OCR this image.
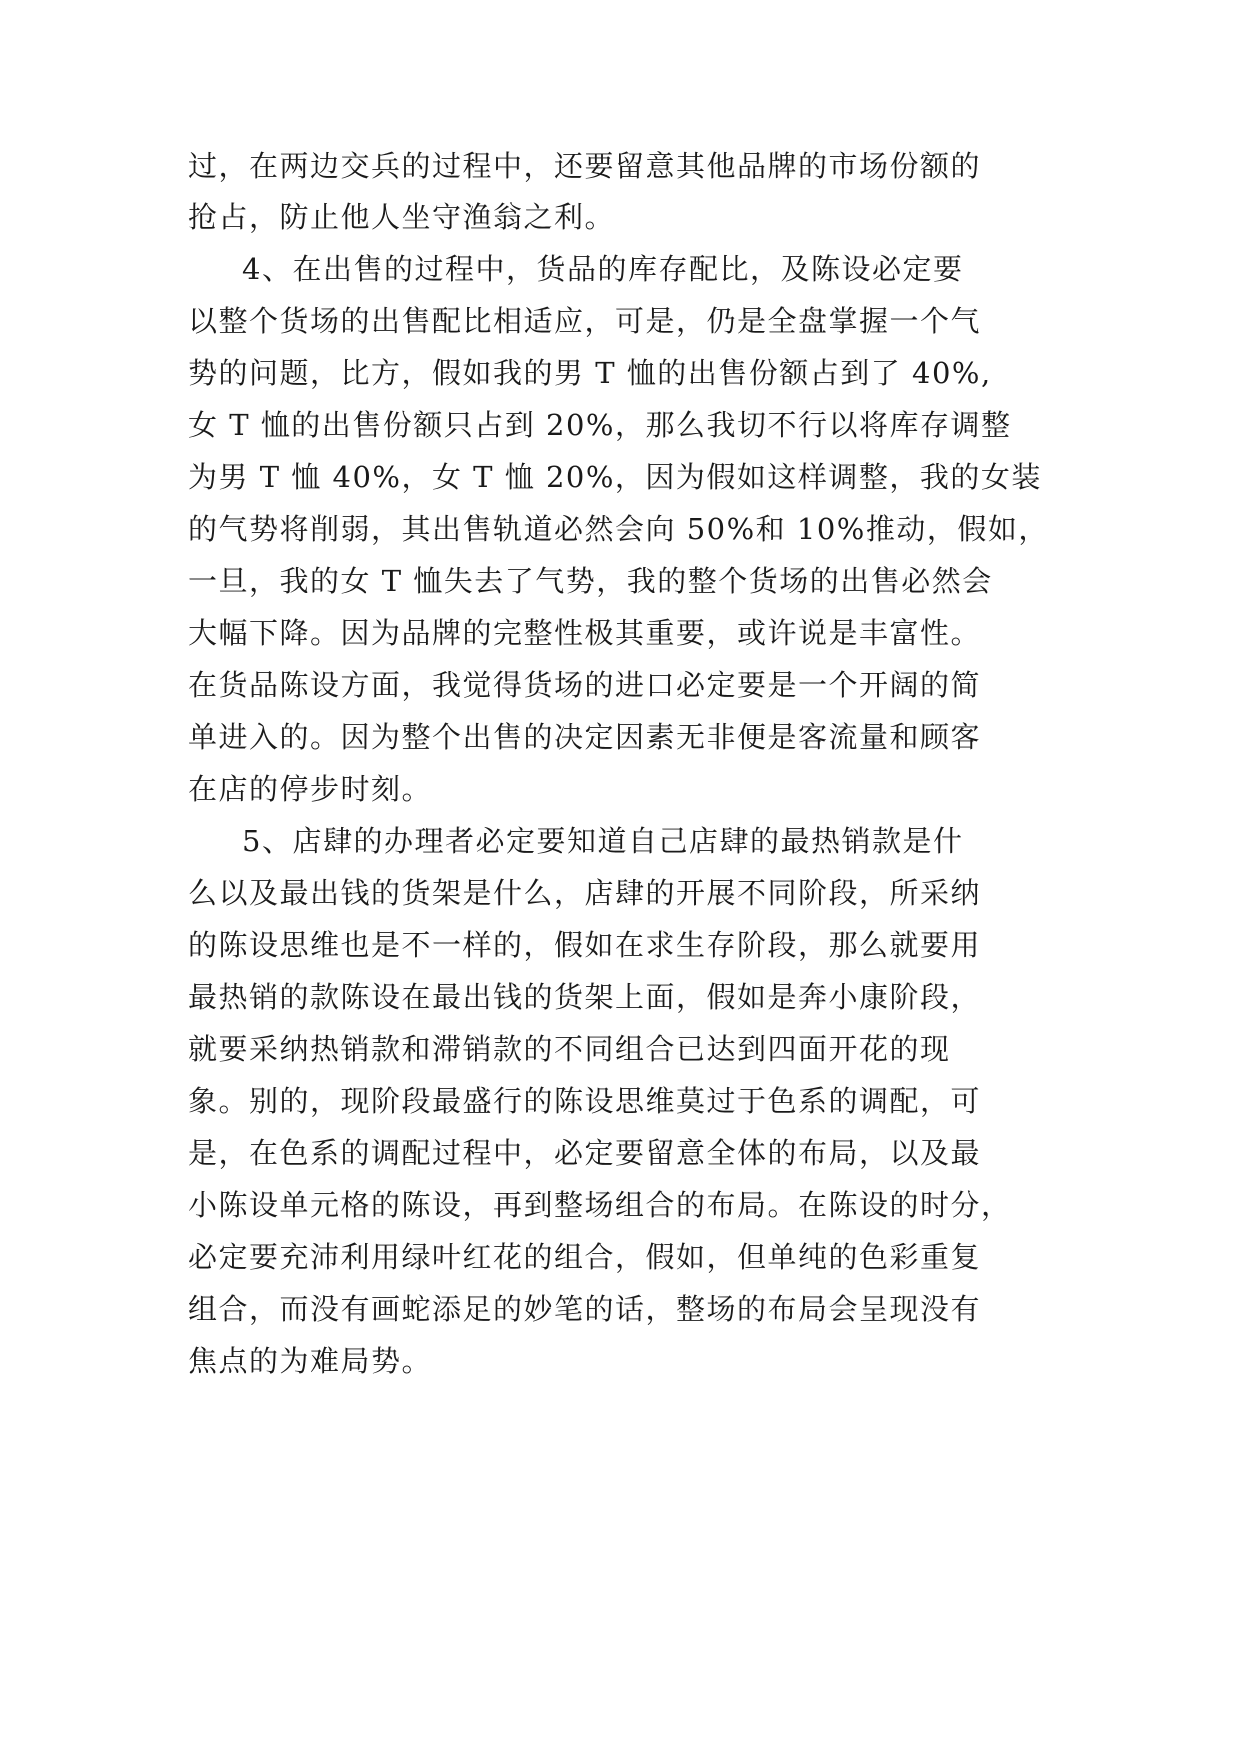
过，在两边交兵的过程中，还要留意其他品牌的市场份额的

抢占，防止他人坐守渔翁之利。

4、在出售的过程中，货品的库存配比，及陈设必定要

以整个货场的出售配比相适应，可是，仍是全盘掌握一个气

势的问题，比方，假如我的男 T 恤的出售份额占到了 40%,

女 T 恤的出售份额只占到 20%，那么我切不行以将库存调整

为男 T 恤 40%，女 T 恤 20%，因为假如这样调整，我的女装

的气势将削弱，其出售轨道必然会向 50%和 10%推动，假如，

一旦，我的女 T 恤失去了气势，我的整个货场的出售必然会

大幅下降。因为品牌的完整性极其重要，或许说是丰富性。

在货品陈设方面，我觉得货场的进口必定要是一个开阔的简

单进入的。因为整个出售的决定因素无非便是客流量和顾客

在店的停步时刻。

5、店肆的办理者必定要知道自己店肆的最热销款是什

么以及最出钱的货架是什么，店肆的开展不同阶段，所采纳

的陈设思维也是不一样的，假如在求生存阶段，那么就要用

最热销的款陈设在最出钱的货架上面，假如是奔小康阶段，

就要采纳热销款和滞销款的不同组合已达到四面开花的现

象。别的，现阶段最盛行的陈设思维莫过于色系的调配，可

是，在色系的调配过程中，必定要留意全体的布局，以及最

小陈设单元格的陈设，再到整场组合的布局。在陈设的时分，

必定要充沛利用绿叶红花的组合，假如，但单纯的色彩重复

组合，而没有画蛇添足的妙笔的话，整场的布局会呈现没有

焦点的为难局势。
